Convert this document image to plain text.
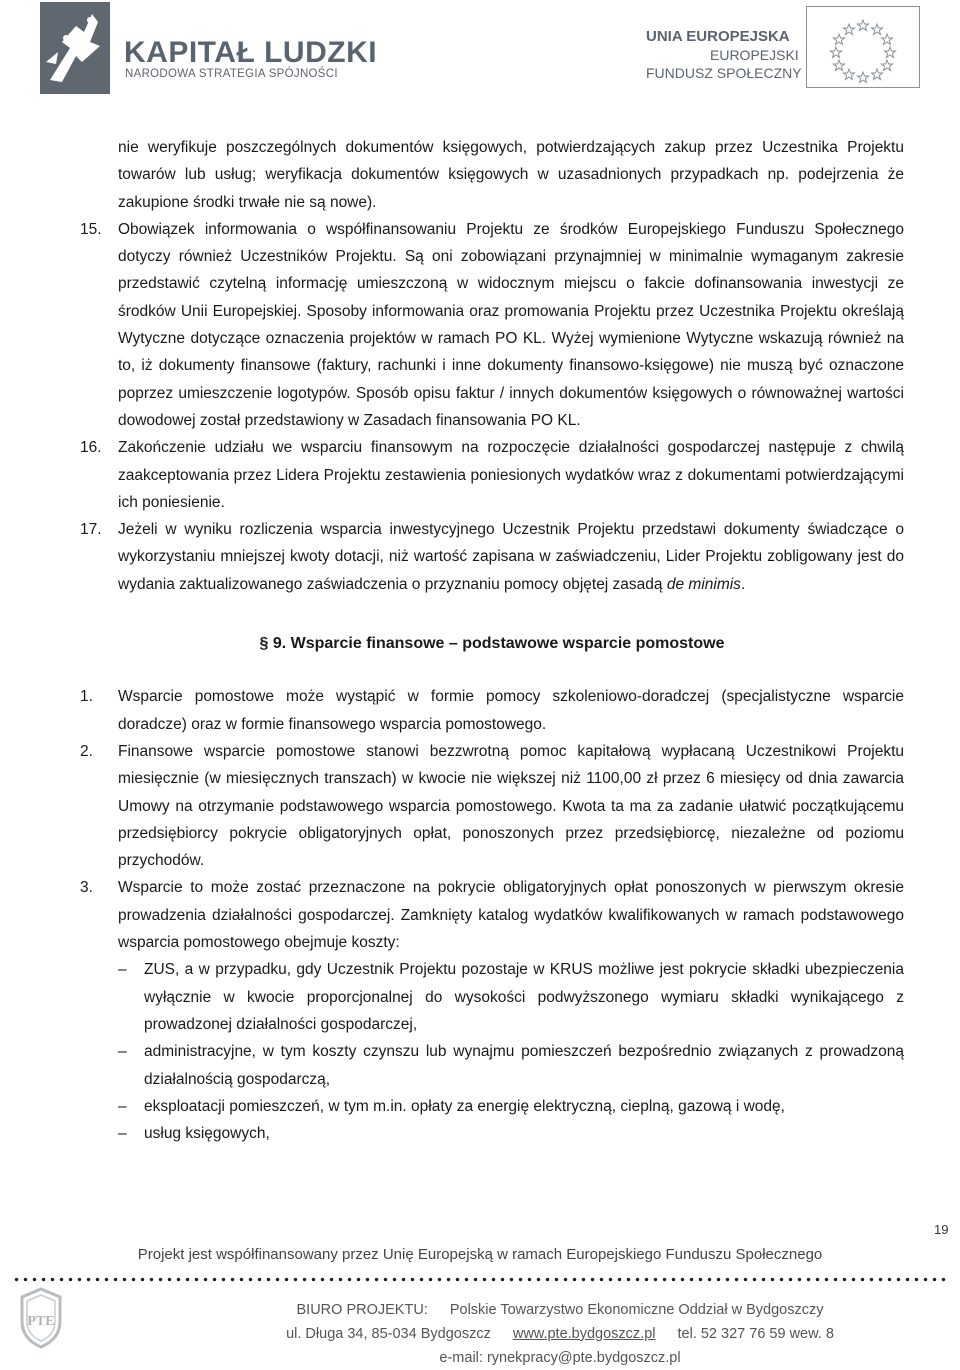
KAPITAŁ LUDZKI
NARODOWA STRATEGIA SPÓJNOŚCI
UNIA EUROPEJSKA
EUROPEJSKI
FUNDUSZ SPOŁECZNY
nie weryfikuje poszczególnych dokumentów księgowych, potwierdzających zakup przez Uczestnika Projektu towarów lub usług; weryfikacja dokumentów księgowych w uzasadnionych przypadkach np. podejrzenia że zakupione środki trwałe nie są nowe).
15. Obowiązek informowania o współfinansowaniu Projektu ze środków Europejskiego Funduszu Społecznego dotyczy również Uczestników Projektu. Są oni zobowiązani przynajmniej w minimalnie wymaganym zakresie przedstawić czytelną informację umieszczoną w widocznym miejscu o fakcie dofinansowania inwestycji ze środków Unii Europejskiej. Sposoby informowania oraz promowania Projektu przez Uczestnika Projektu określają Wytyczne dotyczące oznaczenia projektów w ramach PO KL. Wyżej wymienione Wytyczne wskazują również na to, iż dokumenty finansowe (faktury, rachunki i inne dokumenty finansowo-księgowe) nie muszą być oznaczone poprzez umieszczenie logotypów. Sposób opisu faktur / innych dokumentów księgowych o równoważnej wartości dowodowej został przedstawiony w Zasadach finansowania PO KL.
16. Zakończenie udziału we wsparciu finansowym na rozpoczęcie działalności gospodarczej następuje z chwilą zaakceptowania przez Lidera Projektu zestawienia poniesionych wydatków wraz z dokumentami potwierdzającymi ich poniesienie.
17. Jeżeli w wyniku rozliczenia wsparcia inwestycyjnego Uczestnik Projektu przedstawi dokumenty świadczące o wykorzystaniu mniejszej kwoty dotacji, niż wartość zapisana w zaświadczeniu, Lider Projektu zobligowany jest do wydania zaktualizowanego zaświadczenia o przyznaniu pomocy objętej zasadą de minimis.
§ 9. Wsparcie finansowe – podstawowe wsparcie pomostowe
1. Wsparcie pomostowe może wystąpić w formie pomocy szkoleniowo-doradczej (specjalistyczne wsparcie doradcze) oraz w formie finansowego wsparcia pomostowego.
2. Finansowe wsparcie pomostowe stanowi bezzwrotną pomoc kapitałową wypłacaną Uczestnikowi Projektu miesięcznie (w miesięcznych transzach) w kwocie nie większej niż 1100,00 zł przez 6 miesięcy od dnia zawarcia Umowy na otrzymanie podstawowego wsparcia pomostowego. Kwota ta ma za zadanie ułatwić początkującemu przedsiębiorcy pokrycie obligatoryjnych opłat, ponoszonych przez przedsiębiorcę, niezależne od poziomu przychodów.
3. Wsparcie to może zostać przeznaczone na pokrycie obligatoryjnych opłat ponoszonych w pierwszym okresie prowadzenia działalności gospodarczej. Zamknięty katalog wydatków kwalifikowanych w ramach podstawowego wsparcia pomostowego obejmuje koszty:
– ZUS, a w przypadku, gdy Uczestnik Projektu pozostaje w KRUS możliwe jest pokrycie składki ubezpieczenia wyłącznie w kwocie proporcjonalnej do wysokości podwyższonego wymiaru składki wynikającego z prowadzonej działalności gospodarczej,
– administracyjne, w tym koszty czynszu lub wynajmu pomieszczeń bezpośrednio związanych z prowadzoną działalnością gospodarczą,
– eksploatacji pomieszczeń, w tym m.in. opłaty za energię elektryczną, cieplną, gazową i wodę,
– usług księgowych,
19
Projekt jest współfinansowany przez Unię Europejską w ramach Europejskiego Funduszu Społecznego
PTE
BIURO PROJEKTU: Polskie Towarzystwo Ekonomiczne Oddział w Bydgoszczy
ul. Długa 34, 85-034 Bydgoszcz www.pte.bydgoszcz.pl tel. 52 327 76 59 wew. 8
e-mail: rynekpracy@pte.bydgoszcz.pl
